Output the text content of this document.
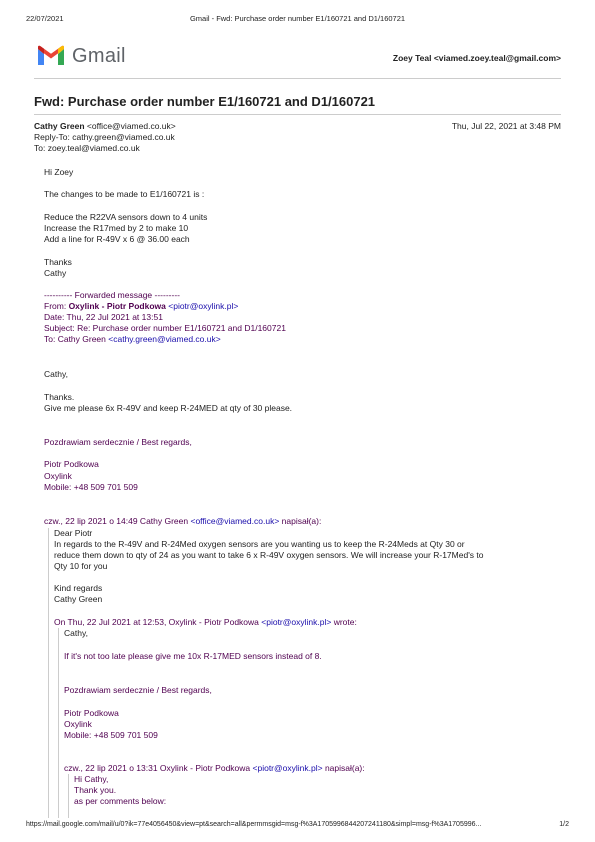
22/07/2021	Gmail - Fwd: Purchase order number E1/160721 and D1/160721
Gmail	Zoey Teal <viamed.zoey.teal@gmail.com>
Fwd: Purchase order number E1/160721 and D1/160721
Cathy Green <office@viamed.co.uk>	Thu, Jul 22, 2021 at 3:48 PM
Reply-To: cathy.green@viamed.co.uk
To: zoey.teal@viamed.co.uk
Hi Zoey
The changes to be made to E1/160721 is :
Reduce the R22VA sensors down to 4 units
Increase the R17med by 2 to make 10
Add a line for R-49V x 6 @ 36.00 each
Thanks
Cathy
---------- Forwarded message ---------
From: Oxylink - Piotr Podkowa <piotr@oxylink.pl>
Date: Thu, 22 Jul 2021 at 13:51
Subject: Re: Purchase order number E1/160721 and D1/160721
To: Cathy Green <cathy.green@viamed.co.uk>
Cathy,
Thanks.
Give me please 6x R-49V and keep R-24MED at qty of 30 please.
Pozdrawiam serdecznie / Best regards,
Piotr Podkowa
Oxylink
Mobile: +48 509 701 509
czw., 22 lip 2021 o 14:49 Cathy Green <office@viamed.co.uk> napisał(a):
Dear Piotr
In regards to the R-49V and R-24Med oxygen sensors are you wanting us to keep the R-24Meds at Qty 30 or
reduce them down to qty of 24 as you want to take 6 x R-49V oxygen sensors. We will increase your R-17Med's to
Qty 10 for you
Kind regards
Cathy Green
On Thu, 22 Jul 2021 at 12:53, Oxylink - Piotr Podkowa <piotr@oxylink.pl> wrote:
Cathy,
If it's not too late please give me 10x R-17MED sensors instead of 8.
Pozdrawiam serdecznie / Best regards,
Piotr Podkowa
Oxylink
Mobile: +48 509 701 509
czw., 22 lip 2021 o 13:31 Oxylink - Piotr Podkowa <piotr@oxylink.pl> napisał(a):
Hi Cathy,
Thank you.
as per comments below:
https://mail.google.com/mail/u/0?ik=77e4056450&view=pt&search=all&permmsgid=msg-f%3A1705996844207241180&simpl=msg-f%3A1705996...	1/2
